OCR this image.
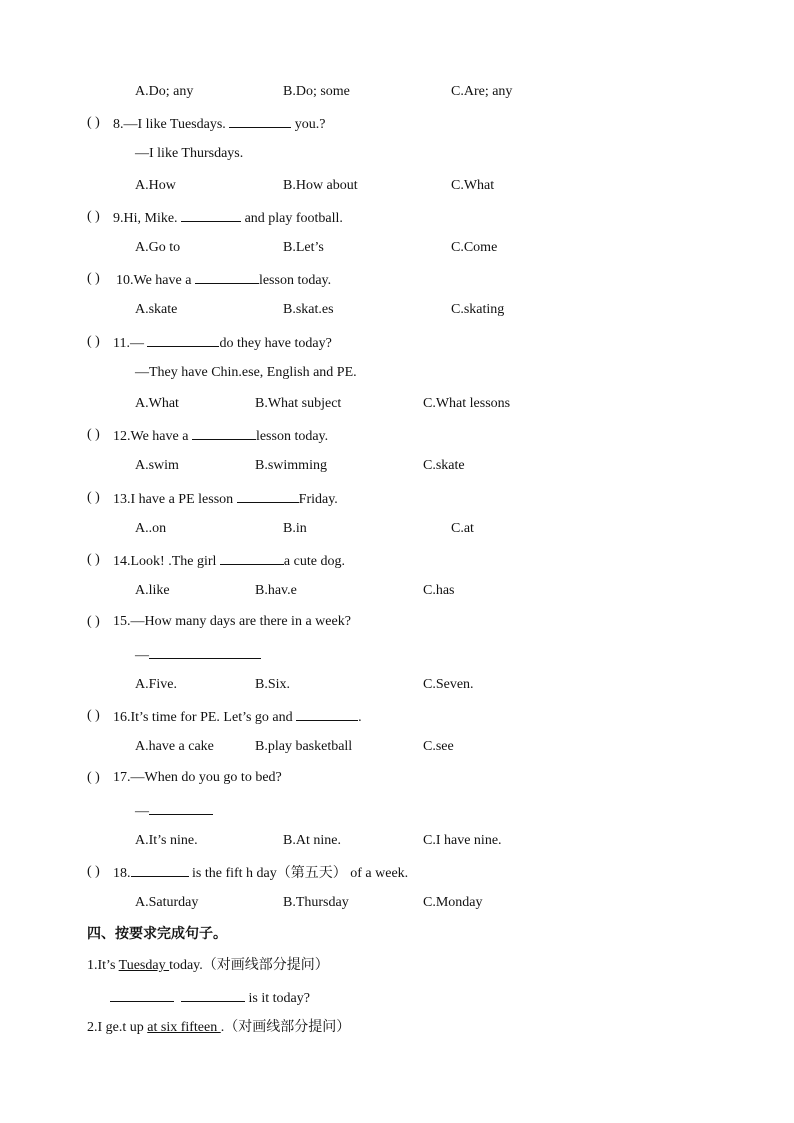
A.Do; any	B.Do; some	C.Are; any
( ) 8.—I like Tuesdays.	you.?
—I like Thursdays.
A.How	B.How about	C.What
( ) 9.Hi, Mike.	and play football.
A.Go to	B.Let’s	C.Come
( ) 10.We have a	lesson today.
A.skate	B.skat.es	C.skating
( ) 11.—	do they have today?
—They have Chin.ese, English and PE.
A.What	B.What subject	C.What lessons
( ) 12.We have a	lesson today.
A.swim	B.swimming	C.skate
( ) 13.I have a PE lesson	Friday.
A..on	B.in	C.at
( ) 14.Look! .The girl	a cute dog.
A.like	B.hav.e	C.has
( ) 15.—How many days are there in a week?
—
A.Five.	B.Six.	C.Seven.
( ) 16.It’s time for PE. Let’s go and	.
A.have a cake	B.play basketball	C.see
( ) 17.—When do you go to bed?
—
A.It’s nine.	B.At nine.	C.I have nine.
( ) 18.	is the fift h day（第五天） of a week.
A.Saturday	B.Thursday	C.Monday
四、按要求完成句子。
1.It’s Tuesday today.（对画线部分提问）
is it today?
2.I ge.t up at six fifteen .（对画线部分提问）
